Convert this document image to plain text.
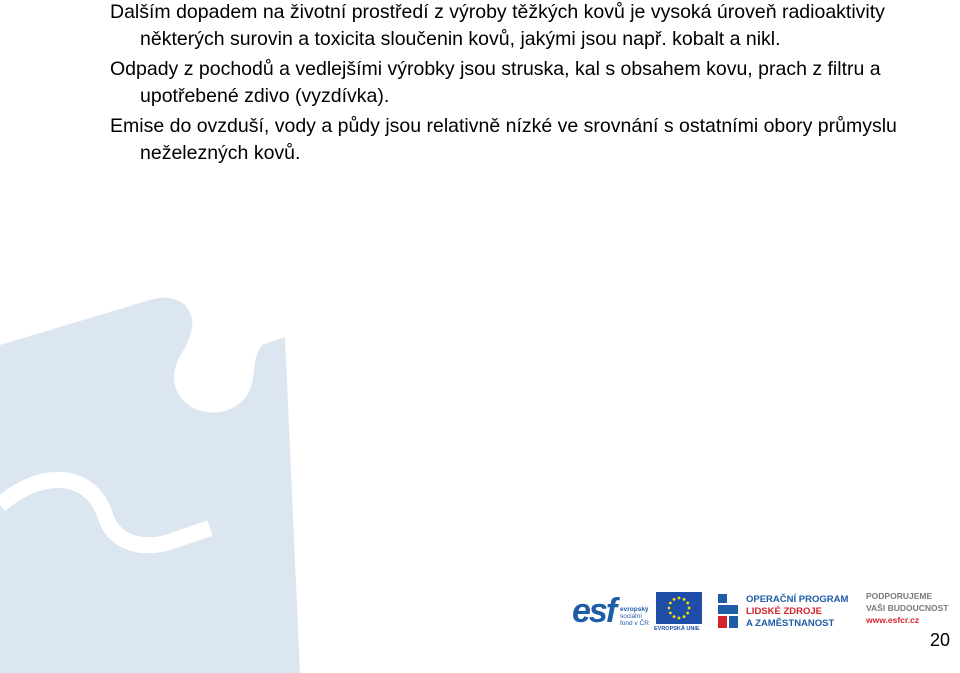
Dalším dopadem na životní prostředí z výroby těžkých kovů je vysoká úroveň radioaktivity některých surovin a toxicita sloučenin kovů, jakými jsou např. kobalt a nikl.

Odpady z pochodů a vedlejšími výrobky jsou struska, kal s obsahem kovu, prach z filtru a upotřebené zdivo (vyzdívka).

Emise do ovzduší, vody a půdy jsou relativně nízké ve srovnání s ostatními obory průmyslu neželezných kovů.

esf evropský
sociální
fond v ČR
EVROPSKÁ UNIE
OPERAČNÍ PROGRAM
LIDSKÉ ZDROJE
A ZAMĚSTNANOST
PODPORUJEME
VAŠI BUDOUCNOST
www.esfcr.cz
20
